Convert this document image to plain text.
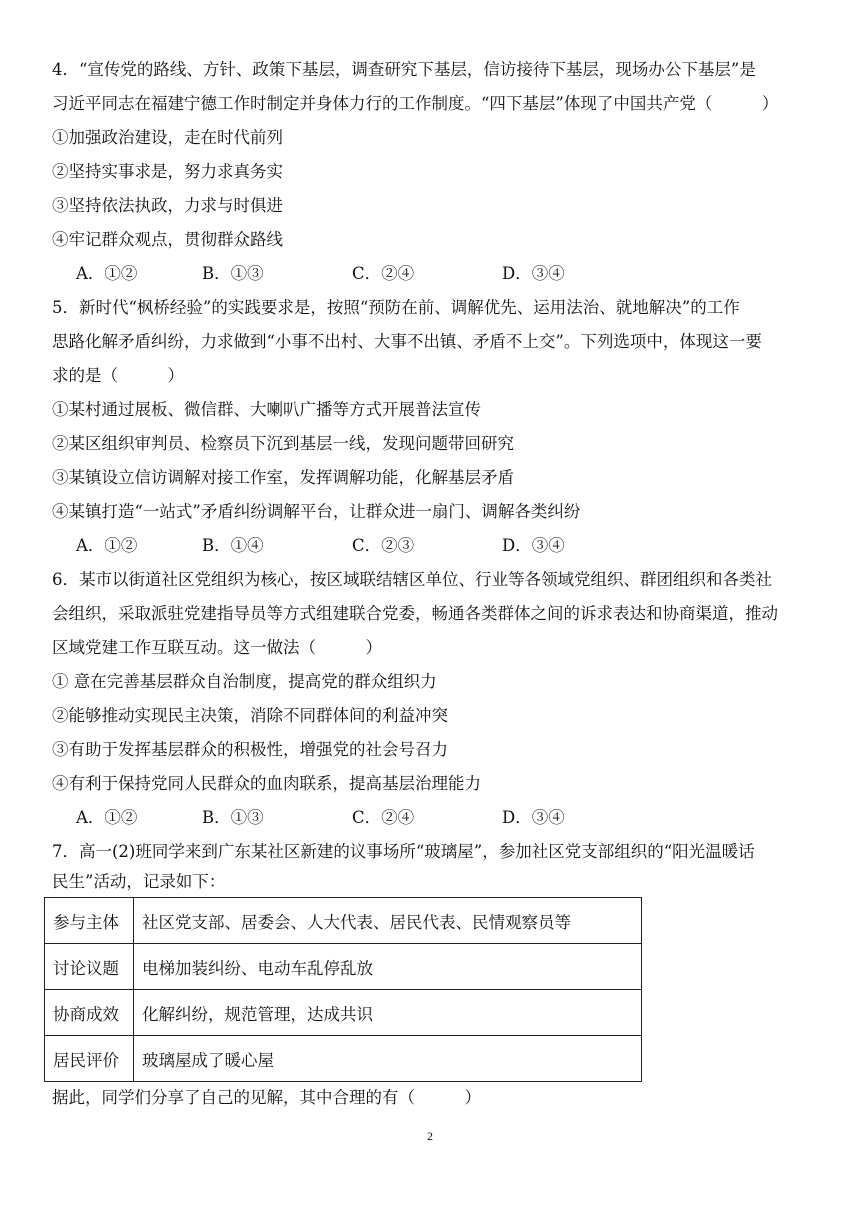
4．“宣传党的路线、方针、政策下基层，调查研究下基层，信访接待下基层，现场办公下基层”是
习近平同志在福建宁德工作时制定并身体力行的工作制度。“四下基层”体现了中国共产党（　　　）
①加强政治建设，走在时代前列
②坚持实事求是，努力求真务实
③坚持依法执政，力求与时俱进
④牢记群众观点，贯彻群众路线
A．①②	B．①③	C．②④	D．③④
5．新时代“枫桥经验”的实践要求是，按照“预防在前、调解优先、运用法治、就地解决”的工作
思路化解矛盾纠纷，力求做到“小事不出村、大事不出镇、矛盾不上交”。下列选项中，体现这一要
求的是（　　　）
①某村通过展板、微信群、大喇叭广播等方式开展普法宣传
②某区组织审判员、检察员下沉到基层一线，发现问题带回研究
③某镇设立信访调解对接工作室，发挥调解功能，化解基层矛盾
④某镇打造“一站式”矛盾纠纷调解平台，让群众进一扇门、调解各类纠纷
A．①②	B．①④	C．②③	D．③④
6．某市以街道社区党组织为核心，按区域联结辖区单位、行业等各领域党组织、群团组织和各类社
会组织，采取派驻党建指导员等方式组建联合党委，畅通各类群体之间的诉求表达和协商渠道，推动
区域党建工作互联互动。这一做法（　　　）
① 意在完善基层群众自治制度，提高党的群众组织力
②能够推动实现民主决策，消除不同群体间的利益冲突
③有助于发挥基层群众的积极性，增强党的社会号召力
④有利于保持党同人民群众的血肉联系，提高基层治理能力
A．①②	B．①③	C．②④	D．③④
7．高一(2)班同学来到广东某社区新建的议事场所“玻璃屋”，参加社区党支部组织的“阳光温暖话
民生”活动，记录如下：
参与主体	社区党支部、居委会、人大代表、居民代表、民情观察员等
讨论议题	电梯加装纠纷、电动车乱停乱放
协商成效	化解纠纷，规范管理，达成共识
居民评价	玻璃屋成了暖心屋
据此，同学们分享了自己的见解，其中合理的有（　　　）
2
